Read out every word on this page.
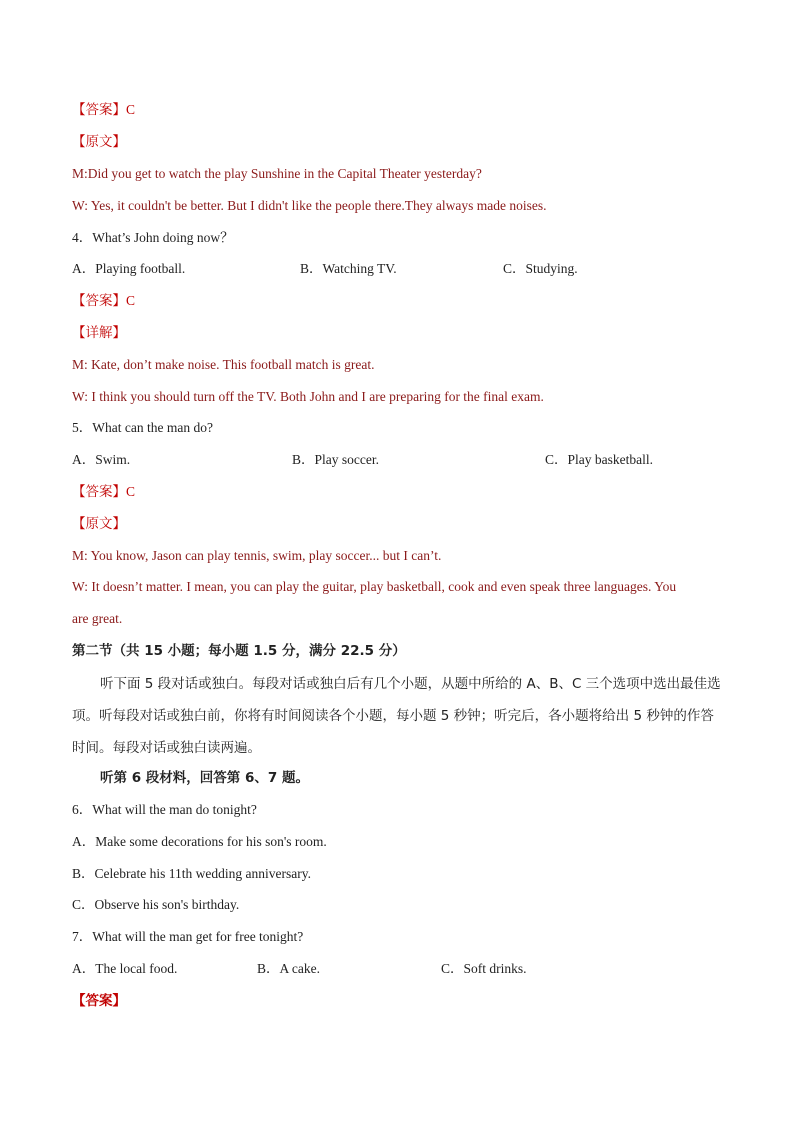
【答案】C
【原文】
M:Did you get to watch the play Sunshine in the Capital Theater yesterday?
W: Yes, it couldn't be better. But I didn't like the people there.They always made noises.
4．What’s John doing now？
A．Playing football.	B．Watching TV.	C．Studying.
【答案】C
【详解】
M: Kate, don’t make noise. This football match is great.
W: I think you should turn off the TV. Both John and I are preparing for the final exam.
5．What can the man do?
A．Swim.	B．Play soccer.	C．Play basketball.
【答案】C
【原文】
M: You know, Jason can play tennis, swim, play soccer... but I can’t.
W: It doesn’t matter. I mean, you can play the guitar, play basketball, cook and even speak three languages. You
are great.
第二节（共 15 小题；每小题 1.5 分，满分 22.5 分）
听下面 5 段对话或独白。每段对话或独白后有几个小题，从题中所给的 A、B、C 三个选项中选出最佳选项。听每段对话或独白前，你将有时间阅读各个小题，每小题 5 秒钟；听完后，各小题将给出 5 秒钟的作答时间。每段对话或独白读两遍。
听第 6 段材料，回答第 6、7 题。
6．What will the man do tonight?
A．Make some decorations for his son's room.
B．Celebrate his 11th wedding anniversary.
C．Observe his son's birthday.
7．What will the man get for free tonight?
A．The local food.	B．A cake.	C．Soft drinks.
【答案】
